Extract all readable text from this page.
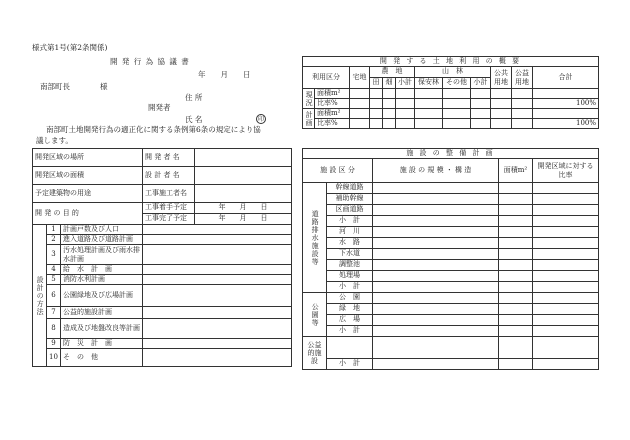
様式第1号(第2条関係)
開 発 行 為 協 議 書
年　　月　　日
南部町長　　　　様
住 所
開発者
氏 名	印
南部町土地開発行為の適正化に関する条例第6条の規定により協
議します。
開 発 す る 土 地 利 用 の 概 要											
利用区分		宅地	農　地			山　林			公共用地	公益用地	合計
			田	畑	小計	保安林	その他	小計			
現況	面積m²										
	比率%										100%
計画	面積m²										
	比率%										100%
開発区域の場所			開 発 者 名	
開発区域の面積			設 計 者 名	
予定建築物の用途			工事施工者名	
開 発 の 目 的			工事着手予定	年　　月　　日
			工事完了予定	年　　月　　日
設計の方法	1	計画戸数及び人口		
	2	進入道路及び道路計画		
	3	汚水処理計画及び雨水排水計画		
	4	給　水　計　画		
	5	消防水利計画		
	6	公園緑地及び広場計画		
	7	公益的施設計画		
	8	造成及び地盤改良等計画		
	9	防　災　計　画		
	10	そ　の　他		
施 設 の 整 備 計 画				
施 設 区 分		施 設 の 規 模 ・ 構 造	面積m²	開発区域に対する比率
道路排水施設等	幹線道路			
	補助幹線			
	区画道路			
	小　計			
	河　川			
	水　路			
	下水道			
	調整池			
	処理場			
	小　計			
公園等	公　園			
	緑　地			
	広　場			
	小　計			
公益的施設				
	小　計			
